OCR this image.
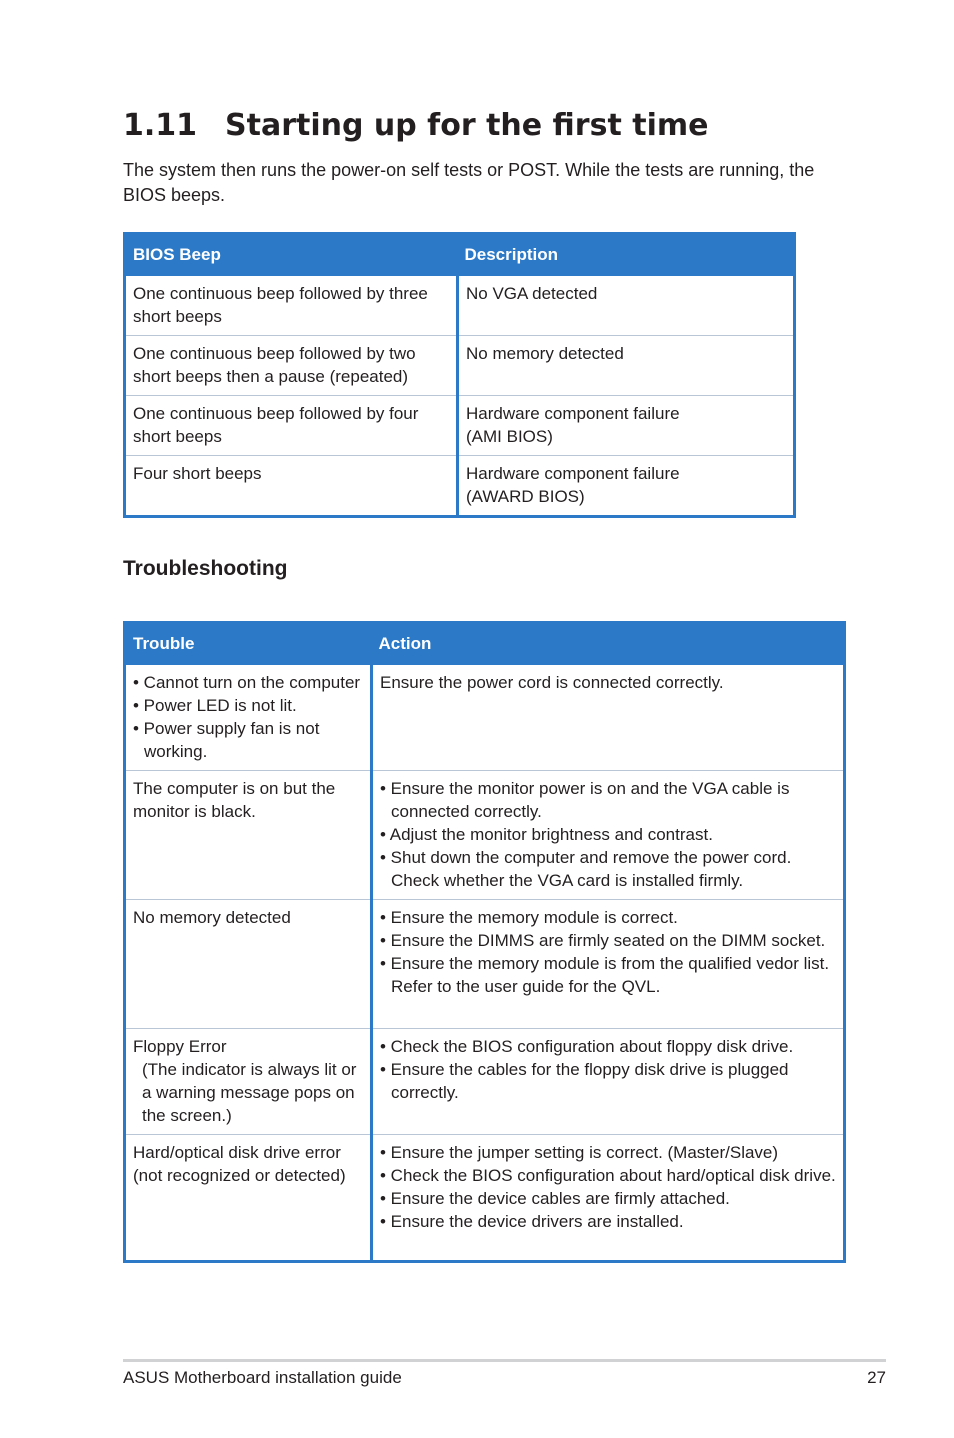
1.11 Starting up for the first time

The system then runs the power-on self tests or POST. While the tests are running, the BIOS beeps.

BIOS Beep	Description

One continuous beep followed by three
short beeps	No VGA detected

One continuous beep followed by two
short beeps then a pause (repeated)	No memory detected

One continuous beep followed by four
short beeps	Hardware component failure
(AMI BIOS)

Four short beeps	Hardware component failure
(AWARD BIOS)
Troubleshooting
Trouble	Action

• Cannot turn on the computer
• Power LED is not lit.
• Power supply fan is not working.	Ensure the power cord is connected correctly.

The computer is on but the
monitor is black.	• Ensure the monitor power is on and the VGA cable is connected correctly.
• Adjust the monitor brightness and contrast.
• Shut down the computer and remove the power cord. Check whether the VGA card is installed firmly.

No memory detected	• Ensure the memory module is correct.
• Ensure the DIMMS are firmly seated on the DIMM socket.
• Ensure the memory module is from the qualified vedor list. Refer to the user guide for the QVL.

Floppy Error
(The indicator is always lit or a warning message pops on the screen.)	• Check the BIOS configuration about floppy disk drive.
• Ensure the cables for the floppy disk drive is plugged correctly.

Hard/optical disk drive error
(not recognized or detected)	• Ensure the jumper setting is correct. (Master/Slave)
• Check the BIOS configuration about hard/optical disk drive.
• Ensure the device cables are firmly attached.
• Ensure the device drivers are installed.
ASUS Motherboard installation guide	27
